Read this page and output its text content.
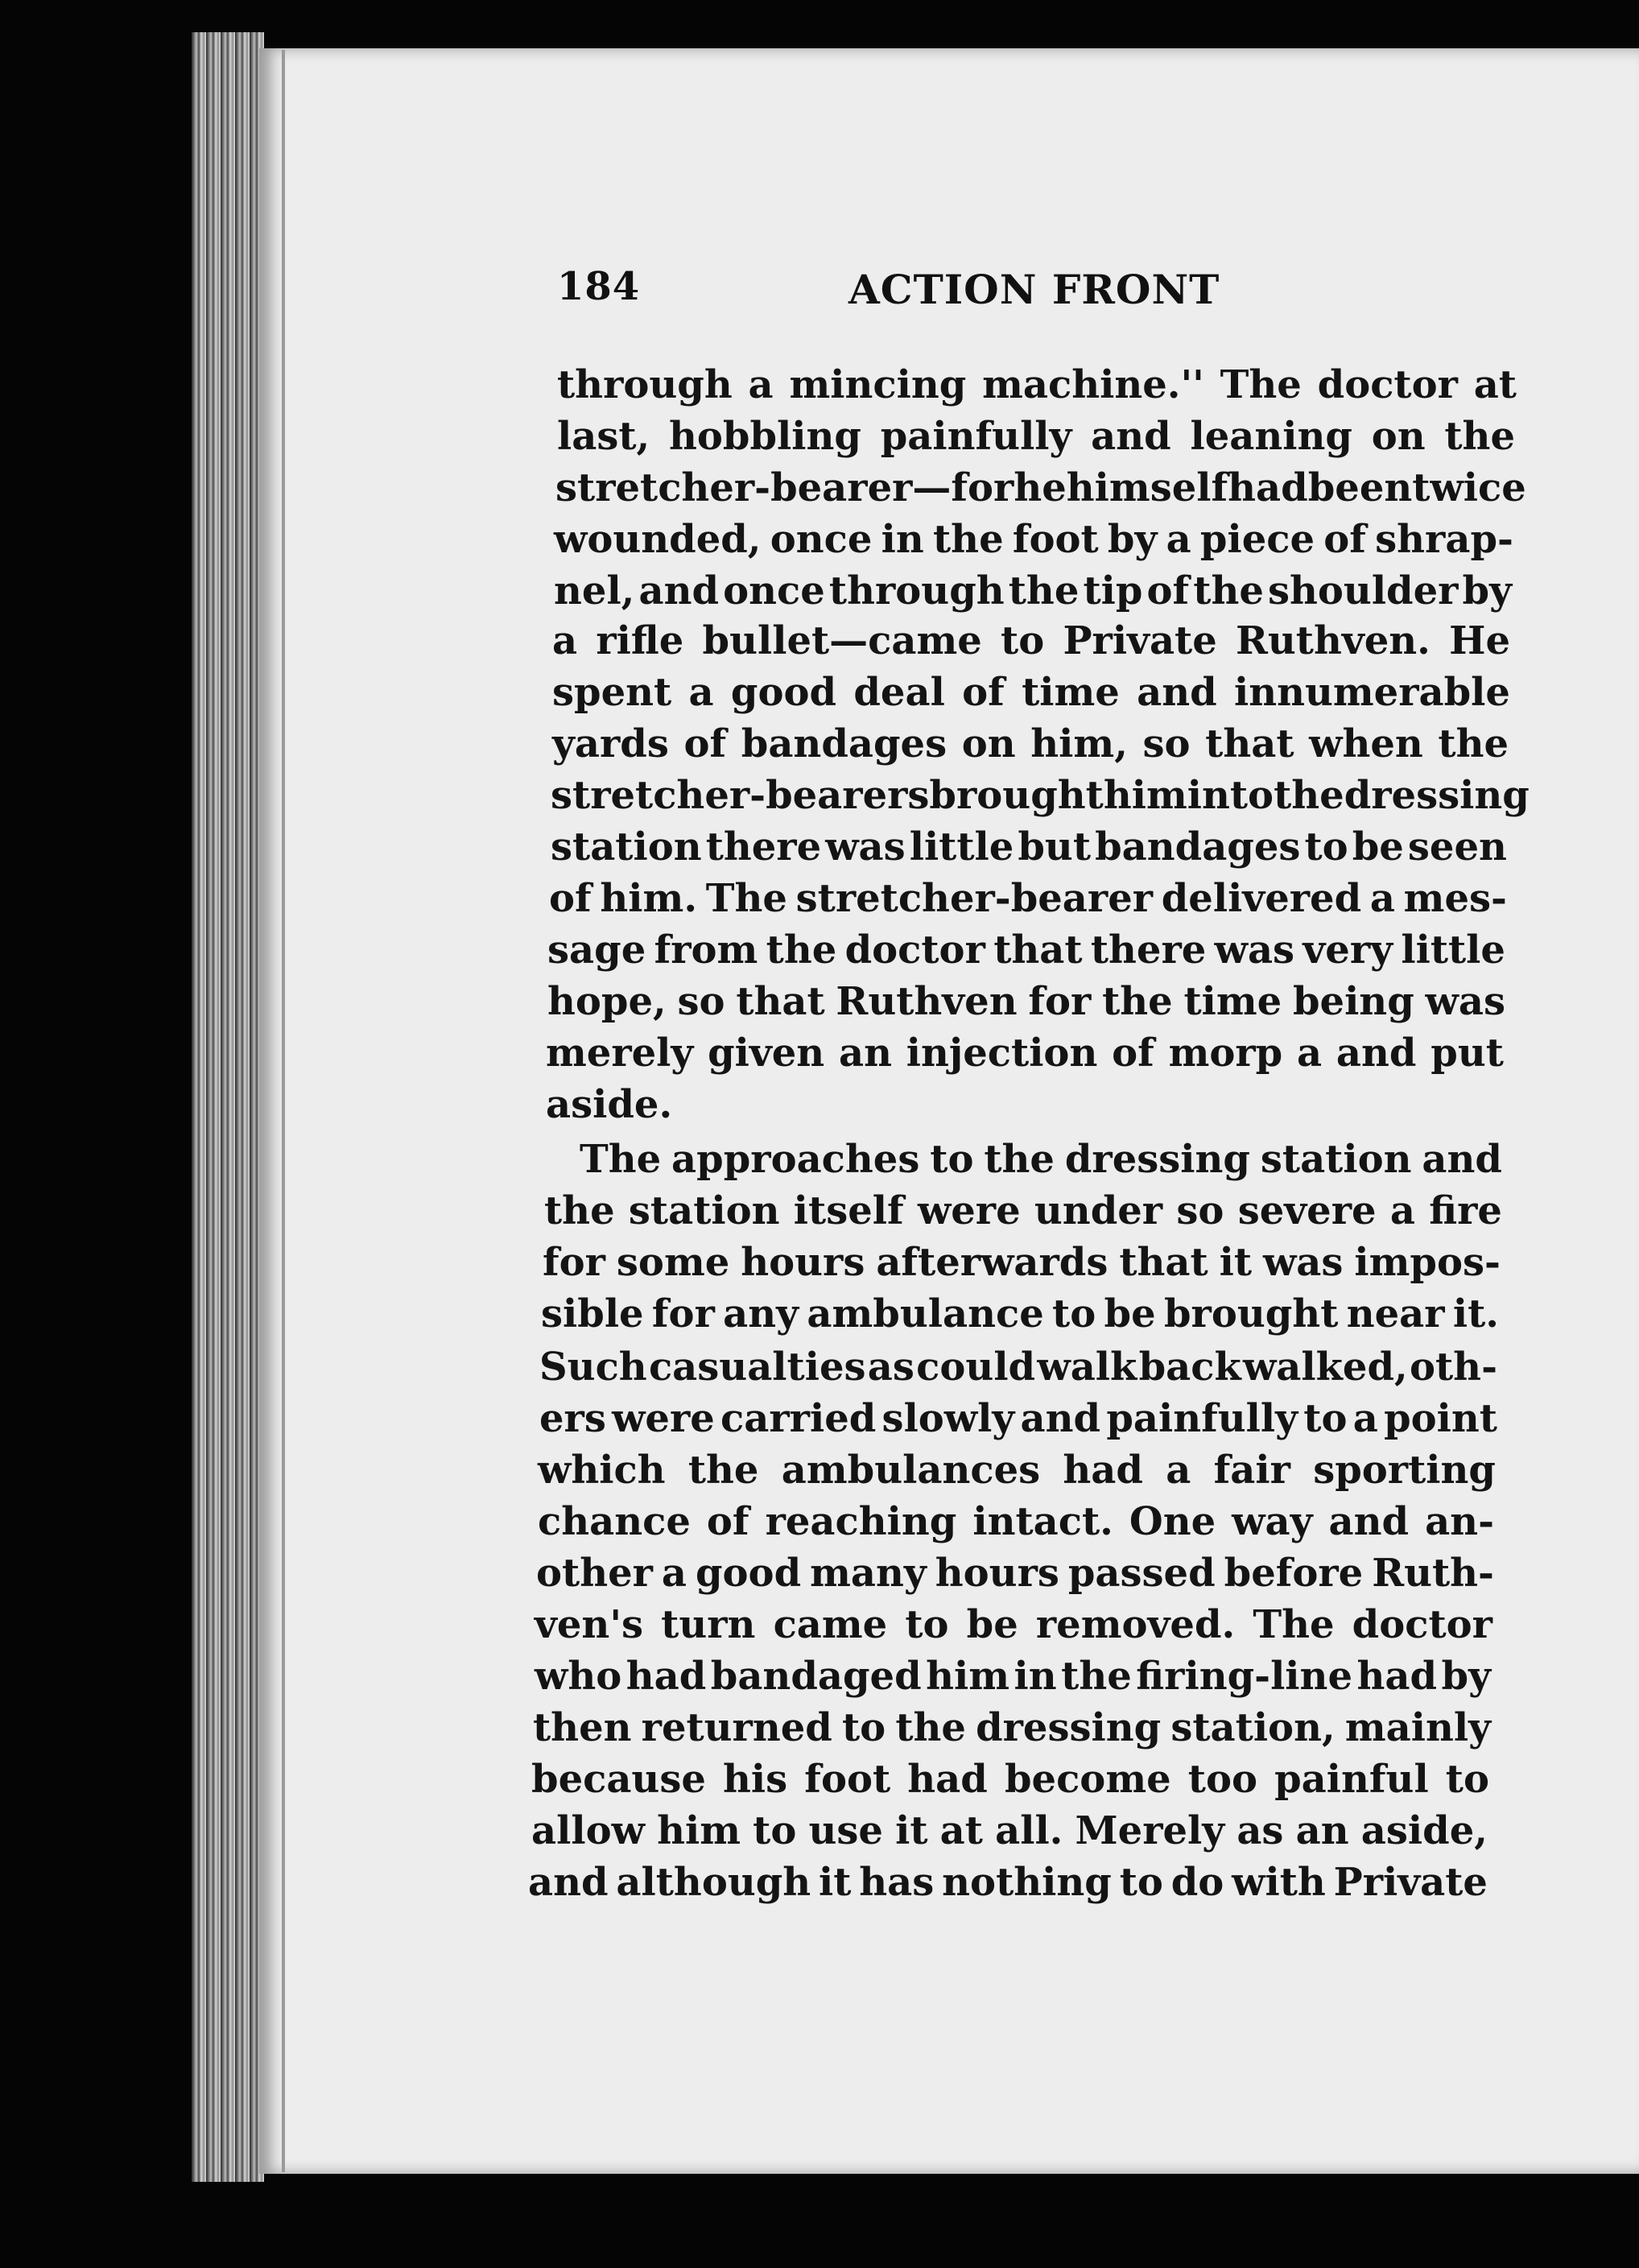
184	ACTION FRONT
through a mincing machine.'' The doctor at
last, hobbling painfully and leaning on the
stretcher-bearer—for he himself had been twice
wounded, once in the foot by a piece of shrap-
nel, and once through the tip of the shoulder by
a rifle bullet—came to Private Ruthven. He
spent a good deal of time and innumerable
yards of bandages on him, so that when the
stretcher-bearers brought him into the dressing
station there was little but bandages to be seen
of him. The stretcher-bearer delivered a mes-
sage from the doctor that there was very little
hope, so that Ruthven for the time being was
merely given an injection of morp a and put
aside.
The approaches to the dressing station and
the station itself were under so severe a fire
for some hours afterwards that it was impos-
sible for any ambulance to be brought near it.
Such casualties as could walk back walked, oth-
ers were carried slowly and painfully to a point
which the ambulances had a fair sporting
chance of reaching intact. One way and an-
other a good many hours passed before Ruth-
ven's turn came to be removed. The doctor
who had bandaged him in the firing-line had by
then returned to the dressing station, mainly
because his foot had become too painful to
allow him to use it at all. Merely as an aside,
and although it has nothing to do with Private
